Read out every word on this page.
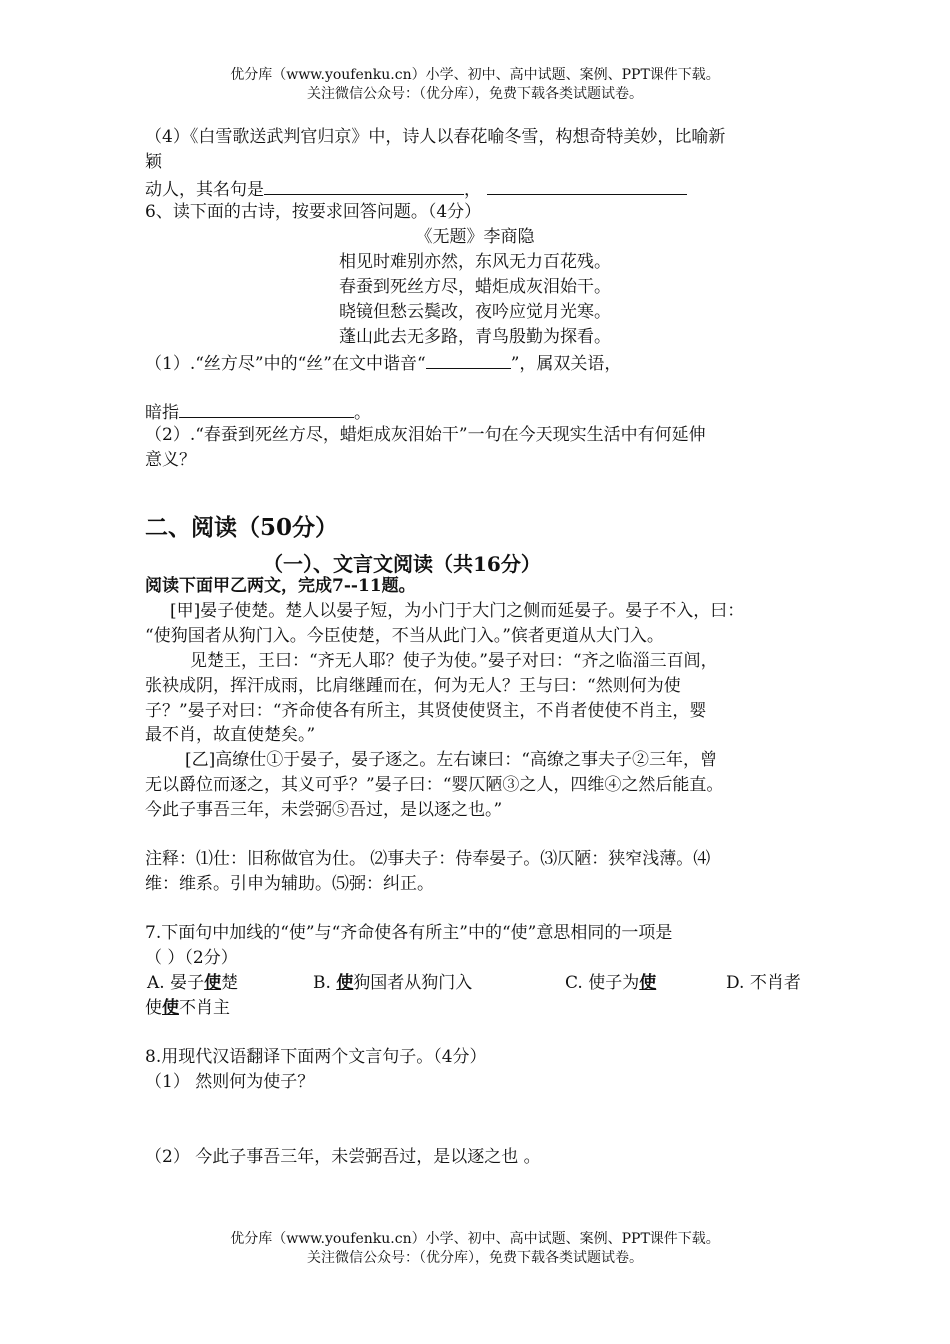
优分库（www.youfenku.cn）小学、初中、高中试题、案例、PPT课件下载。
关注微信公众号：（优分库），免费下载各类试题试卷。
（4）《白雪歌送武判官归京》中，诗人以春花喻冬雪，构想奇特美妙，比喻新
颖
动人，其名句是	，
6、读下面的古诗，按要求回答问题。（4分）
《无题》李商隐
相见时难别亦然，东风无力百花残。
春蚕到死丝方尽，蜡炬成灰泪始干。
晓镜但愁云鬓改，夜吟应觉月光寒。
蓬山此去无多路，青鸟殷勤为探看。
（1）.“丝方尽”中的“丝”在文中谐音“	”，属双关语，
暗指	。
（2）.“春蚕到死丝方尽，蜡炬成灰泪始干”一句在今天现实生活中有何延伸
意义？
二、阅读（50分）
（一）、文言文阅读（共16分）
阅读下面甲乙两文，完成7--11题。
[甲]晏子使楚。楚人以晏子短，为小门于大门之侧而延晏子。晏子不入，曰：
“使狗国者从狗门入。今臣使楚，不当从此门入。”傧者更道从大门入。
见楚王，王曰：“齐无人耶？使子为使。”晏子对曰：“齐之临淄三百闾，
张袂成阴，挥汗成雨，比肩继踵而在，何为无人？王与曰：“然则何为使
子？”晏子对曰：“齐命使各有所主，其贤使使贤主，不肖者使使不肖主，婴
最不肖，故直使楚矣。”
[乙]高缭仕①于晏子，晏子逐之。左右谏曰：“高缭之事夫子②三年，曾
无以爵位而逐之，其义可乎？”晏子曰：“婴仄陋③之人，四维④之然后能直。
今此子事吾三年，未尝弼⑤吾过，是以逐之也。”
注释：⑴仕：旧称做官为仕。 ⑵事夫子：侍奉晏子。⑶仄陋：狭窄浅薄。⑷
维：维系。引申为辅助。⑸弼：纠正。
7.下面句中加线的“使”与“齐命使各有所主”中的“使”意思相同的一项是
（ ）（2分）
A. 晏子使楚	B. 使狗国者从狗门入	C. 使子为使	D. 不肖者
使使不肖主
8.用现代汉语翻译下面两个文言句子。（4分）
（1） 然则何为使子？
（2） 今此子事吾三年，未尝弼吾过，是以逐之也 。
优分库（www.youfenku.cn）小学、初中、高中试题、案例、PPT课件下载。
关注微信公众号：（优分库），免费下载各类试题试卷。
